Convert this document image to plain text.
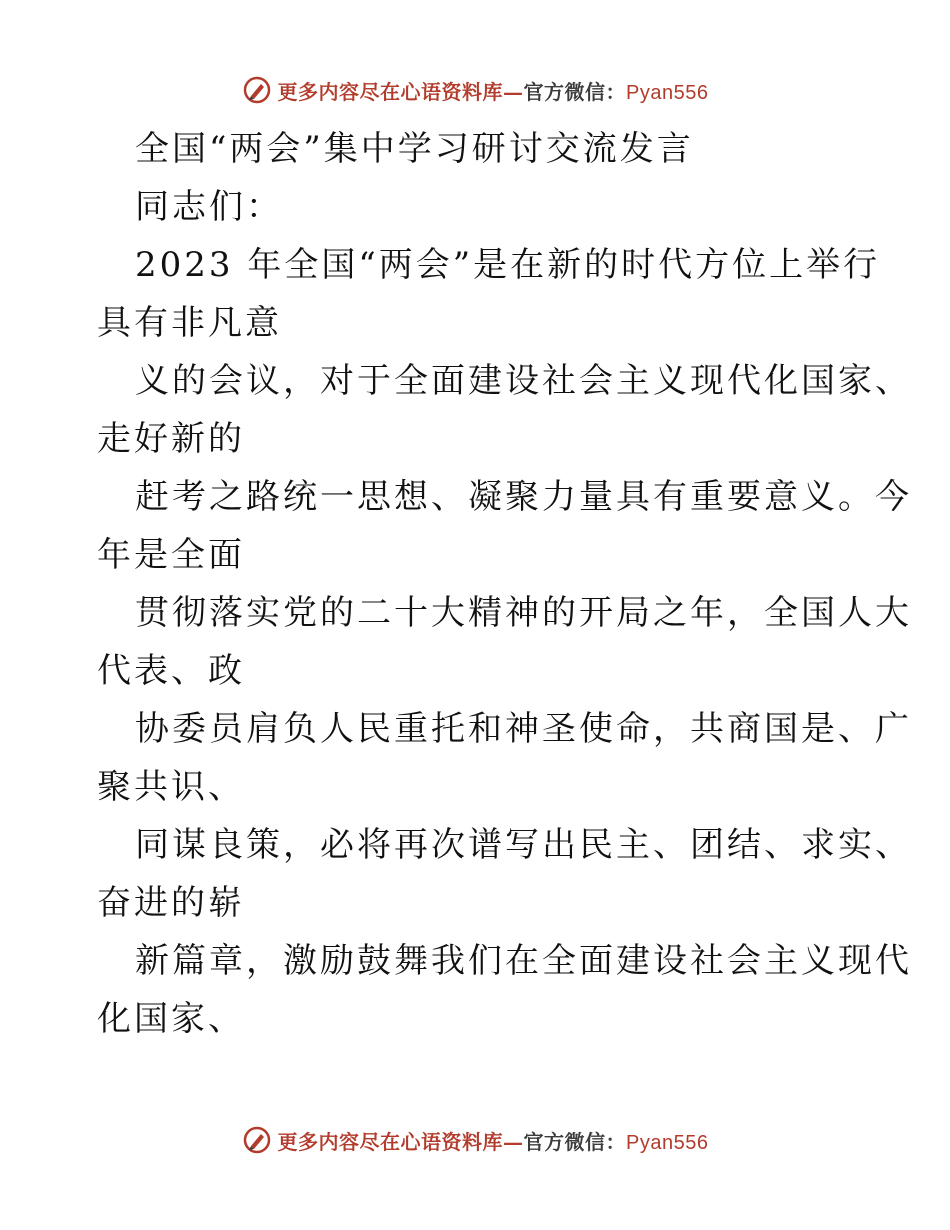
更多内容尽在心语资料库—官方微信：Pyan556
全国“两会”集中学习研讨交流发言
同志们：
2023 年全国“两会”是在新的时代方位上举行
具有非凡意
义的会议，对于全面建设社会主义现代化国家、
走好新的
赶考之路统一思想、凝聚力量具有重要意义。今
年是全面
贯彻落实党的二十大精神的开局之年，全国人大
代表、政
协委员肩负人民重托和神圣使命，共商国是、广
聚共识、
同谋良策，必将再次谱写出民主、团结、求实、
奋进的崭
新篇章，激励鼓舞我们在全面建设社会主义现代
化国家、
更多内容尽在心语资料库—官方微信：Pyan556
